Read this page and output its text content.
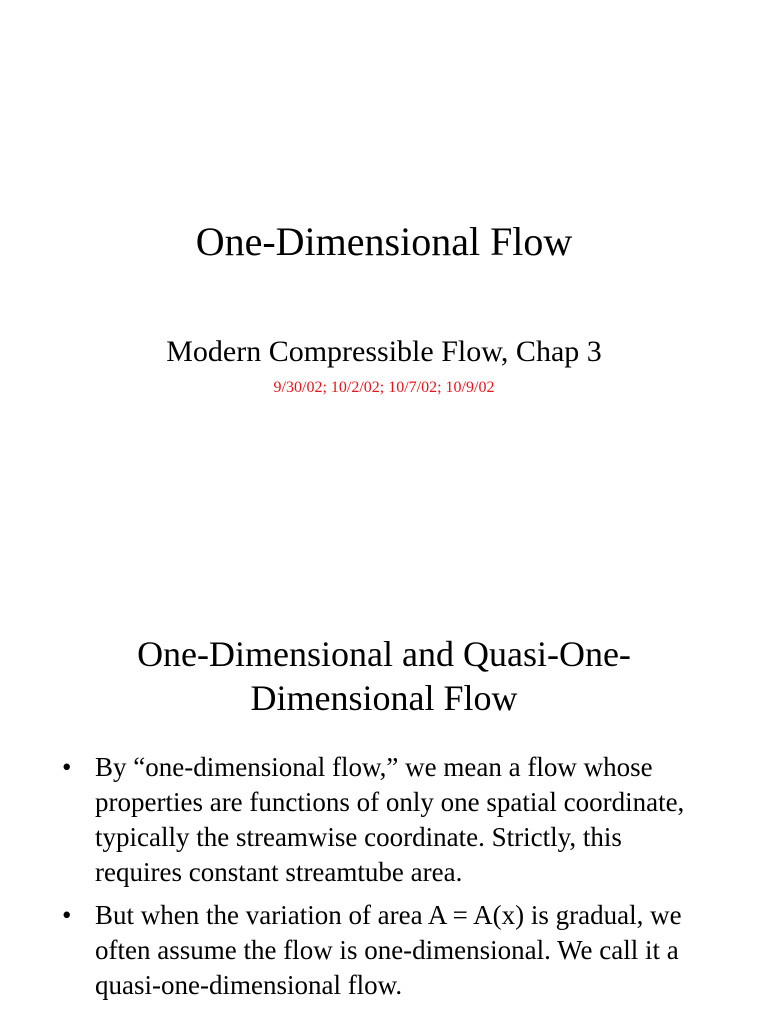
One-Dimensional Flow

Modern Compressible Flow, Chap 3

9/30/02; 10/2/02; 10/7/02; 10/9/02

One-Dimensional and Quasi-One-
Dimensional Flow
• By “one-dimensional flow,” we mean a flow whose properties are functions of only one spatial coordinate, typically the streamwise coordinate. Strictly, this requires constant streamtube area.
• But when the variation of area A = A(x) is gradual, we often assume the flow is one-dimensional. We call it a quasi-one-dimensional flow.
